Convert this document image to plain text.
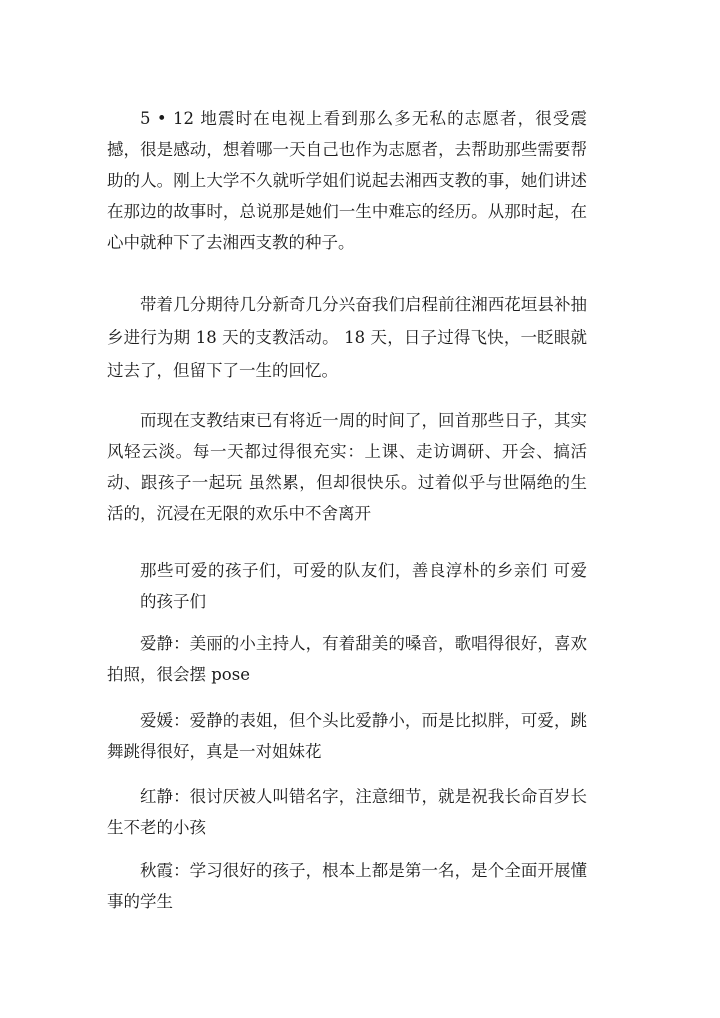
5 • 12 地震时在电视上看到那么多无私的志愿者，很受震撼，很是感动，想着哪一天自己也作为志愿者，去帮助那些需要帮助的人。刚上大学不久就听学姐们说起去湘西支教的事，她们讲述在那边的故事时，总说那是她们一生中难忘的经历。从那时起，在心中就种下了去湘西支教的种子。

带着几分期待几分新奇几分兴奋我们启程前往湘西花垣县补抽乡进行为期 18 天的支教活动。 18 天，日子过得飞快，一眨眼就过去了，但留下了一生的回忆。

而现在支教结束已有将近一周的时间了，回首那些日子，其实风轻云淡。每一天都过得很充实：上课、走访调研、开会、搞活动、跟孩子一起玩 虽然累，但却很快乐。过着似乎与世隔绝的生活的，沉浸在无限的欢乐中不舍离开

那些可爱的孩子们，可爱的队友们，善良淳朴的乡亲们 可爱的孩子们

爱静：美丽的小主持人，有着甜美的嗓音，歌唱得很好，喜欢拍照，很会摆 pose

爱媛：爱静的表姐，但个头比爱静小，而是比拟胖，可爱，跳舞跳得很好，真是一对姐妹花

红静：很讨厌被人叫错名字，注意细节，就是祝我长命百岁长生不老的小孩

秋霞：学习很好的孩子，根本上都是第一名，是个全面开展懂事的学生
